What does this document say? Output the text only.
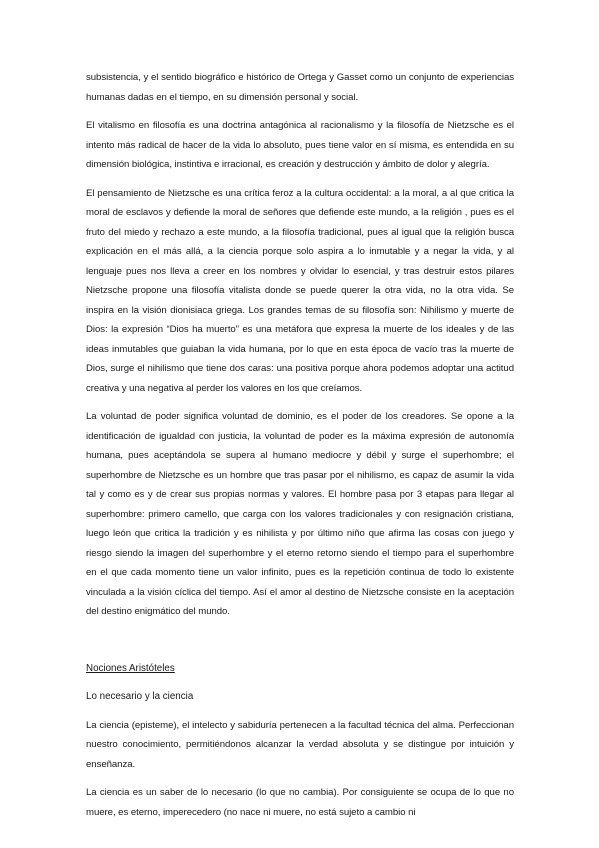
subsistencia, y el sentido biográfico e histórico de Ortega y Gasset como un conjunto de experiencias humanas dadas en el tiempo, en su dimensión personal y social.

El vitalismo en filosofía es una doctrina antagónica al racionalismo y la filosofía de Nietzsche es el intento más radical de hacer de la vida lo absoluto, pues tiene valor en sí misma, es entendida en su dimensión biológica, instintiva e irracional, es creación y destrucción y ámbito de dolor y alegría.

El pensamiento de Nietzsche es una crítica feroz a la cultura occidental: a la moral, a al que critica la moral de esclavos y defiende la moral de señores que defiende este mundo, a la religión , pues es el fruto del miedo y rechazo a este mundo, a la filosofía tradicional, pues al igual que la religión busca explicación en el más allá, a la ciencia porque solo aspira a lo inmutable y a negar la vida, y al lenguaje pues nos lleva a creer en los nombres y olvidar lo esencial, y tras destruir estos pilares Nietzsche propone una filosofía vitalista donde se puede querer la otra vida, no la otra vida. Se inspira en la visión dionisiaca griega. Los grandes temas de su filosofía son: Nihilismo y muerte de Dios: la expresión “Dios ha muerto” es una metáfora que expresa la muerte de los ideales y de las ideas inmutables que guiaban la vida humana, por lo que en esta época de vacío tras la muerte de Dios, surge el nihilismo que tiene dos caras: una positiva porque ahora podemos adoptar una actitud creativa y una negativa al perder los valores en los que creíamos.

La voluntad de poder significa voluntad de dominio, es el poder de los creadores. Se opone a la identificación de igualdad con justicia, la voluntad de poder es la máxima expresión de autonomía humana, pues aceptándola se supera al humano mediocre y débil y surge el superhombre; el superhombre de Nietzsche es un hombre que tras pasar por el nihilismo, es capaz de asumir la vida tal y como es y de crear sus propias normas y valores. El hombre pasa por 3 etapas para llegar al superhombre: primero camello, que carga con los valores tradicionales y con resignación cristiana, luego león que critica la tradición y es nihilista y por último niño que afirma las cosas con juego y riesgo siendo la imagen del superhombre y el eterno retorno siendo el tiempo para el superhombre en el que cada momento tiene un valor infinito, pues es la repetición continua de todo lo existente vinculada a la visión cíclica del tiempo. Así el amor al destino de Nietzsche consiste en la aceptación del destino enigmático del mundo.

Nociones Aristóteles

Lo necesario y la ciencia

La ciencia (episteme), el intelecto y sabiduría pertenecen a la facultad técnica del alma. Perfeccionan nuestro conocimiento, permitiéndonos alcanzar la verdad absoluta y se distingue por intuición y enseñanza.

La ciencia es un saber de lo necesario (lo que no cambia). Por consiguiente se ocupa de lo que no muere, es eterno, imperecedero (no nace ni muere, no está sujeto a cambio ni
